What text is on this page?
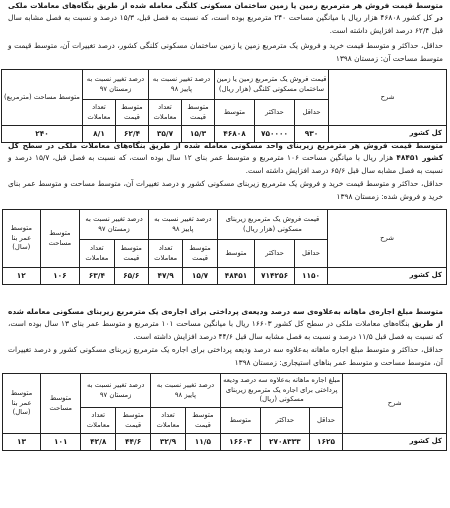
متوسط قیمت فروش هر مترمربع زمین یا زمین ساختمان مسکونی کلنگی معامله شده از طریق بنگاه‌های معاملات ملکی در کل کشور ۴۶۸۰۸ هزار ریال با میانگین مساحت ۲۴۰ مترمربع بوده است، که نسبت به فصل قبل، ۱۵/۳ درصد و نسبت به فصل مشابه سال قبل ۶۲/۴ درصد افزایش داشته است.

حداقل، حداکثر و متوسط قیمت خرید و فروش یک مترمربع زمین یا زمین ساختمان مسکونی کلنگی کشور، درصد تغییرات آن، متوسط قیمت و متوسط مساحت آن: زمستان ۱۳۹۸

شرح	قیمت فروش یک مترمربع زمین یا زمین ساختمان مسکونی کلنگی (هزار ریال)			درصد تغییر نسبت به پاییز ۹۸		درصد تغییر نسبت به زمستان ۹۷		متوسط مساحت (مترمربع)
	حداقل	حداکثر	متوسط	متوسط قیمت	تعداد معاملات	متوسط قیمت	تعداد معاملات	
کل کشور	۹۳۰	۷۵۰۰۰۰	۴۶۸۰۸	۱۵/۳	۳۵/۷	۶۲/۴	۸/۱	۲۴۰

متوسط قیمت فروش هر مترمربع زیربنای واحد مسکونی معامله شده از طریق بنگاه‌های معاملات ملکی در سطح کل کشور ۴۸۴۵۱ هزار ریال با میانگین مساحت ۱۰۶ مترمربع و متوسط عمر بنای ۱۲ سال بوده است، که نسبت به فصل قبل، ۱۵/۷ درصد و نسبت به فصل مشابه سال قبل ۶۵/۶ درصد افزایش داشته است.

حداقل، حداکثر و متوسط قیمت خرید و فروش یک مترمربع زیربنای مسکونی کشور و درصد تغییرات آن، متوسط مساحت و متوسط عمر بنای خرید و فروش شده: زمستان ۱۳۹۸

شرح	قیمت فروش یک مترمربع زیربنای مسکونی (هزار ریال)			درصد تغییر نسبت به پاییز ۹۸		درصد تغییر نسبت به زمستان ۹۷		متوسط مساحت	متوسط عمر بنا (سال)
	حداقل	حداکثر	متوسط	متوسط قیمت	تعداد معاملات	متوسط قیمت	تعداد معاملات		
کل کشور	۱۱۵۰	۷۱۴۲۵۶	۴۸۴۵۱	۱۵/۷	۴۷/۹	۶۵/۶	۶۳/۴	۱۰۶	۱۲

متوسط مبلغ اجاره‌ی ماهانه به‌علاوه‌ی سه درصد ودیعه‌ی پرداختی برای اجاره‌ی یک مترمربع زیربنای مسکونی معامله شده از طریق بنگاه‌های معاملات ملکی در سطح کل کشور ۱۶۶۰۳ ریال با میانگین مساحت ۱۰۱ مترمربع و متوسط عمر بنای ۱۳ سال بوده است، که نسبت به فصل قبل ۱۱/۵ درصد و نسبت به فصل مشابه سال قبل ۴۴/۶ درصد افزایش داشته است.

حداقل، حداکثر و متوسط مبلغ اجاره ماهانه به‌علاوه سه درصد ودیعه پرداختی برای اجاره یک مترمربع زیربنای مسکونی کشور و درصد تغییرات آن، متوسط مساحت و متوسط عمر بناهای استیجاری: زمستان ۱۳۹۸

شرح	مبلغ اجاره ماهانه به‌علاوه سه درصد ودیعه پرداختی برای اجاره یک مترمربع زیربنای مسکونی (ریال)			درصد تغییر نسبت به پاییز ۹۸		درصد تغییر نسبت به زمستان ۹۷		متوسط مساحت	متوسط عمر بنا (سال)
	حداقل	حداکثر	متوسط	متوسط قیمت	تعداد معاملات	متوسط قیمت	تعداد معاملات		
کل کشور	۱۶۲۵	۲۷۰۸۳۳۳	۱۶۶۰۳	۱۱/۵	۳۲/۹	۴۴/۶	۴۲/۸	۱۰۱	۱۳
